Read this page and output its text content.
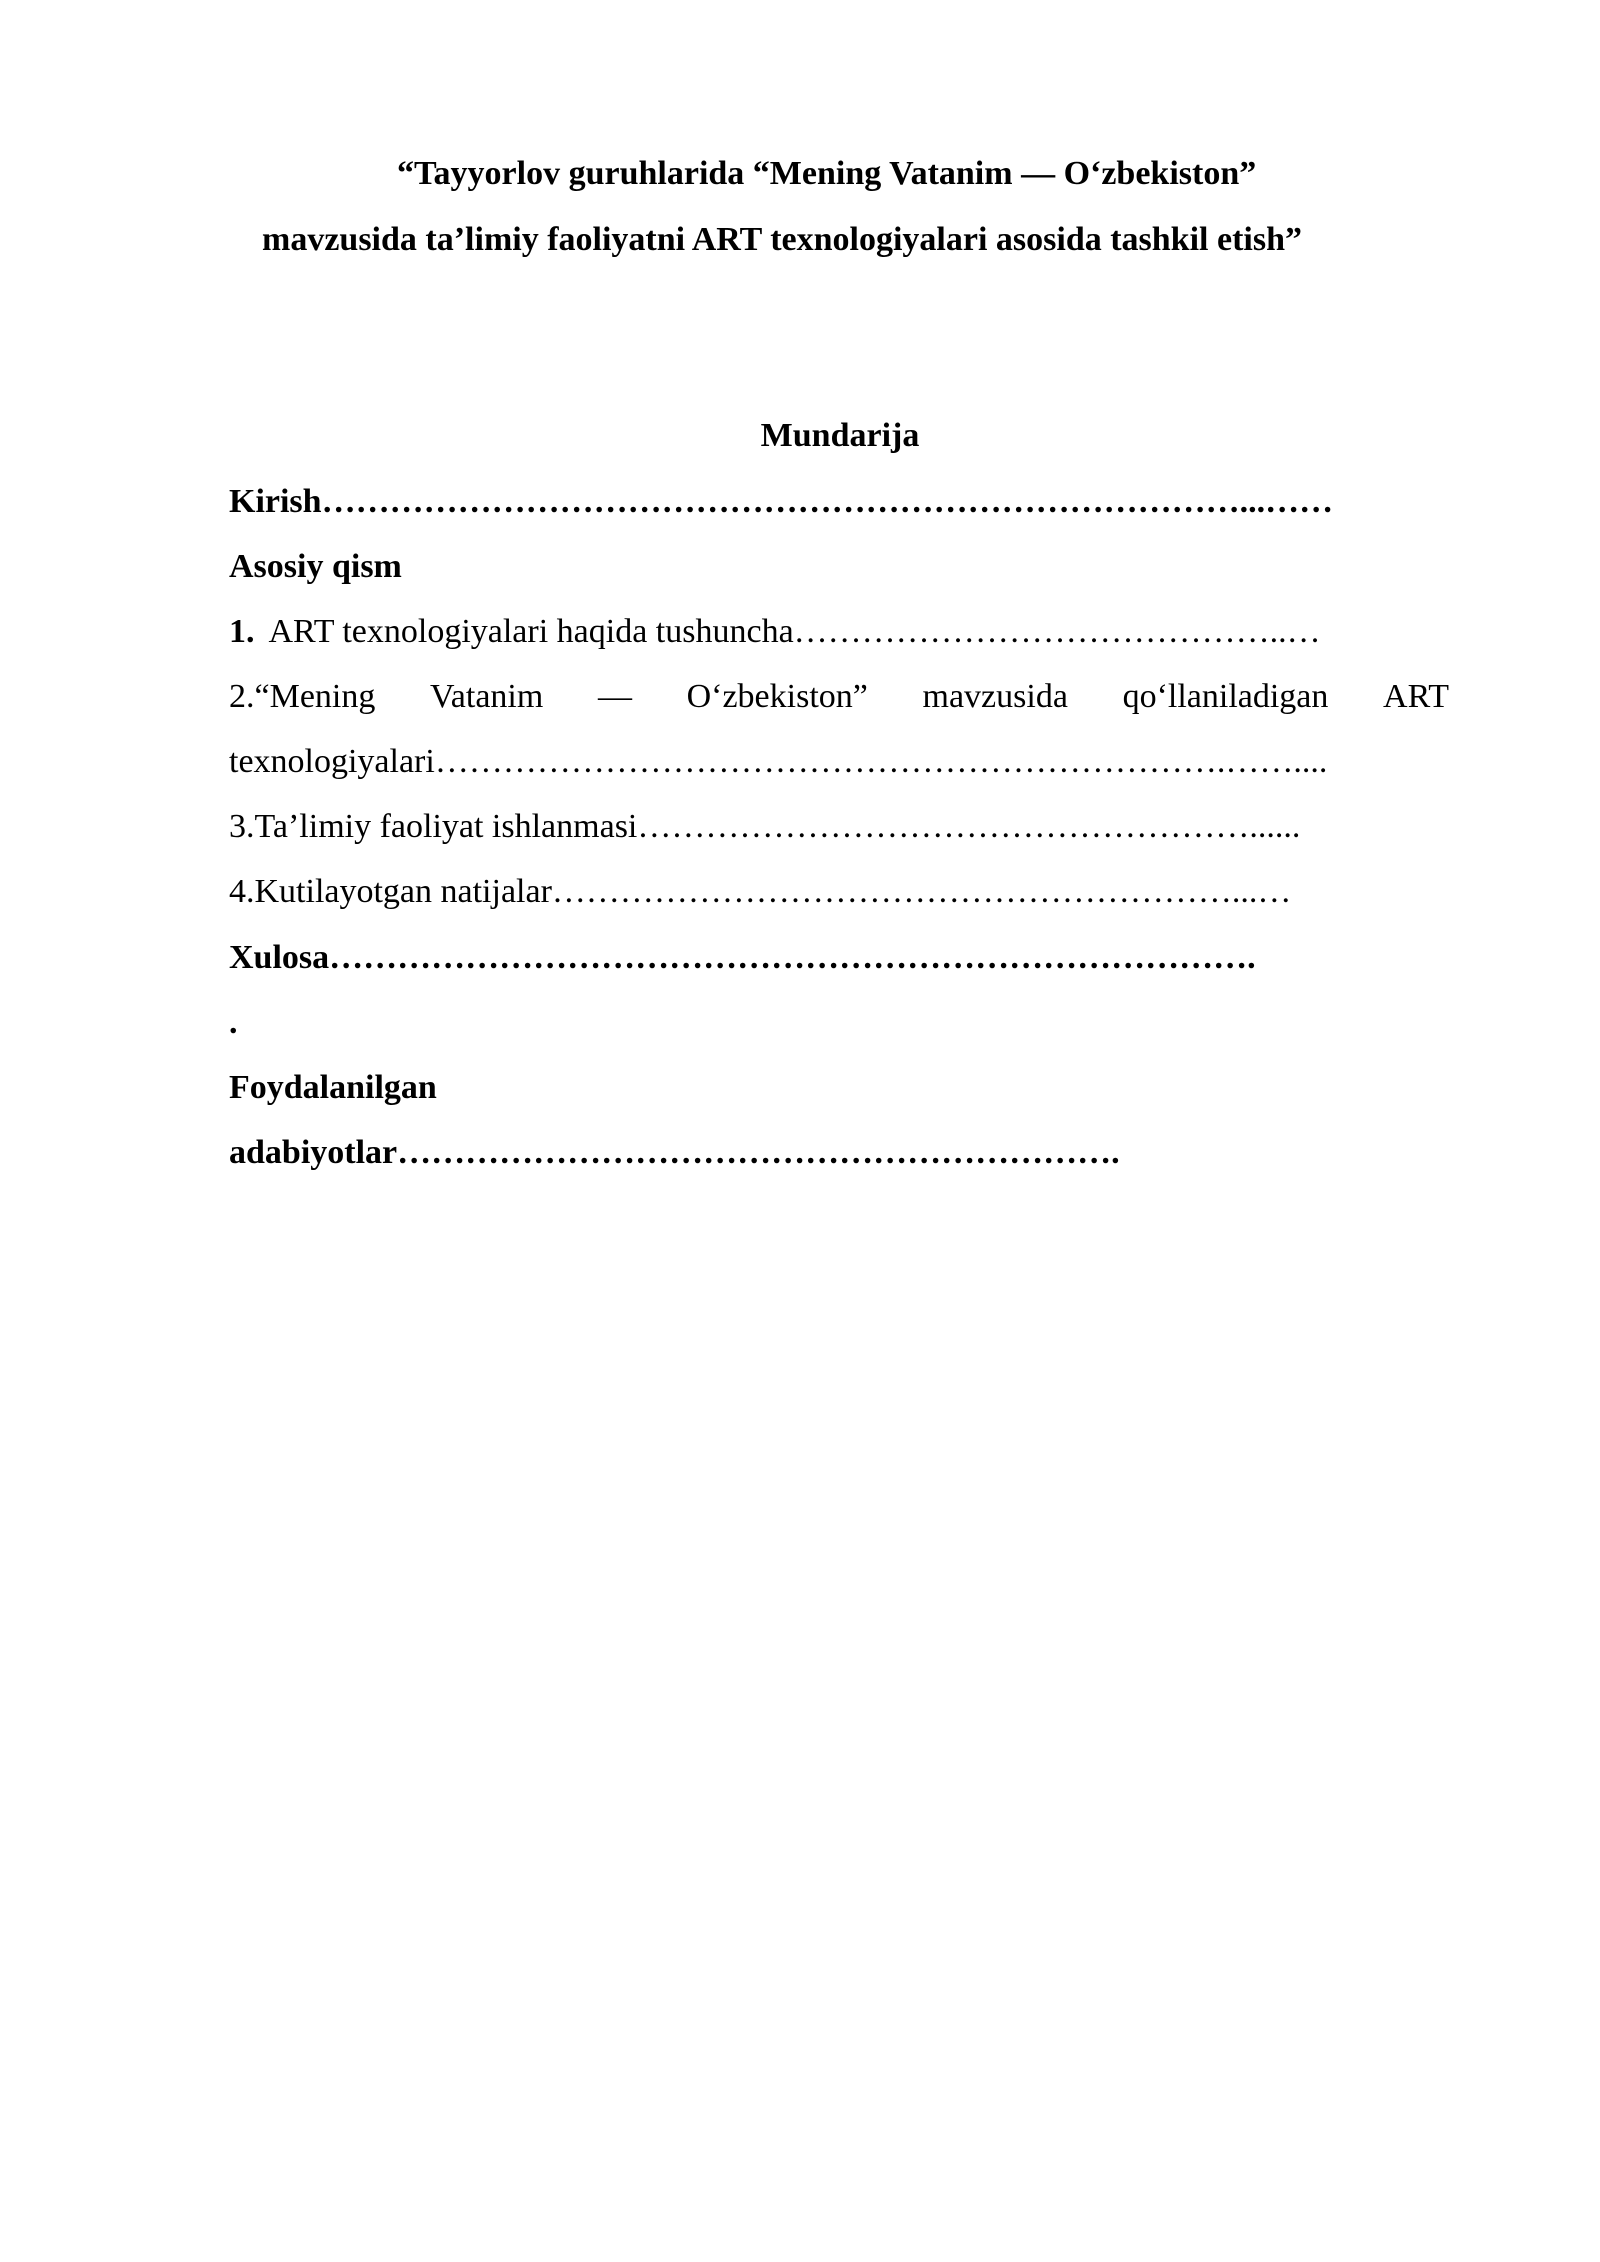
“Tayyorlov guruhlarida “Mening Vatanim — O‘zbekiston”

mavzusida ta’limiy faoliyatni ART texnologiyalari asosida tashkil etish”

Mundarija

Kirish………………………………………………………………………...……

Asosiy qism

1. ART texnologiyalari haqida tushuncha……………………………………..…

2.“Mening Vatanim — O‘zbekiston” mavzusida qo‘llaniladigan ART

texnologiyalari…………………………………………………………….……....

3.Ta’limiy faoliyat ishlanmasi………………………………………………......

4.Kutilayotgan natijalar……………………………………………………...…

Xulosa……………………………………………………………………….

.

Foydalanilgan

adabiyotlar……………………………………………………….
